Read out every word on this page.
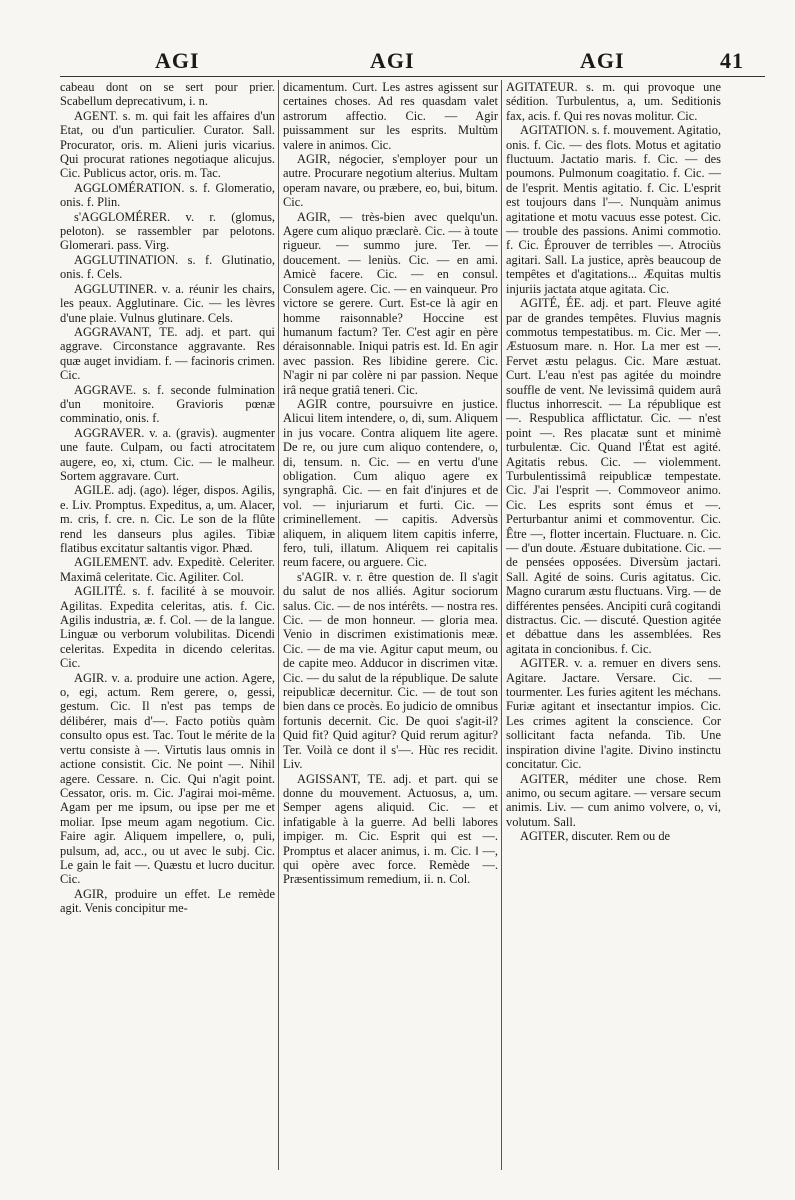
AGI	AGI	AGI	41

cabeau dont on se sert pour prier. Scabellum deprecativum, i. n.

AGENT. s. m. qui fait les affaires d'un Etat, ou d'un particulier. Curator. Sall. Procurator, oris. m. Alieni juris vicarius. Qui procurat rationes negotiaque alicujus. Cic. Publicus actor, oris. m. Tac.

AGGLOMÉRATION. s. f. Glomeratio, onis. f. Plin.

s'AGGLOMÉRER. v. r. (glomus, peloton). se rassembler par pelotons. Glomerari. pass. Virg.

AGGLUTINATION. s. f. Glutinatio, onis. f. Cels.

AGGLUTINER. v. a. réunir les chairs, les peaux. Agglutinare. Cic. — les lèvres d'une plaie. Vulnus glutinare. Cels.

AGGRAVANT, TE. adj. et part. qui aggrave. Circonstance aggravante. Res quæ auget invidiam. f. — facinoris crimen. Cic.

AGGRAVE. s. f. seconde fulmination d'un monitoire. Gravioris pœnæ comminatio, onis. f.

AGGRAVER. v. a. (gravis). augmenter une faute. Culpam, ou facti atrocitatem augere, eo, xi, ctum. Cic. — le malheur. Sortem aggravare. Curt.

AGILE. adj. (ago). léger, dispos. Agilis, e. Liv. Promptus. Expeditus, a, um. Alacer, m. cris, f. cre. n. Cic. Le son de la flûte rend les danseurs plus agiles. Tibiæ flatibus excitatur saltantis vigor. Phæd.

AGILEMENT. adv. Expeditè. Celeriter. Maximâ celeritate. Cic. Agiliter. Col.

AGILITÉ. s. f. facilité à se mouvoir. Agilitas. Expedita celeritas, atis. f. Cic. Agilis industria, æ. f. Col. — de la langue. Linguæ ou verborum volubilitas. Dicendi celeritas. Expedita in dicendo celeritas. Cic.

AGIR. v. a. produire une action. Agere, o, egi, actum. Rem gerere, o, gessi, gestum. Cic. Il n'est pas temps de délibérer, mais d'—. Facto potiùs quàm consulto opus est. Tac. Tout le mérite de la vertu consiste à —. Virtutis laus omnis in actione consistit. Cic. Ne point —. Nihil agere. Cessare. n. Cic. Qui n'agit point. Cessator, oris. m. Cic. J'agirai moi-même. Agam per me ipsum, ou ipse per me et moliar. Ipse meum agam negotium. Cic. Faire agir. Aliquem impellere, o, puli, pulsum, ad, acc., ou ut avec le subj. Cic. Le gain le fait —. Quæstu et lucro ducitur. Cic.

AGIR, produire un effet. Le remède agit. Venis concipitur me-

dicamentum. Curt. Les astres agissent sur certaines choses. Ad res quasdam valet astrorum affectio. Cic. — Agir puissamment sur les esprits. Multùm valere in animos. Cic.

AGIR, négocier, s'employer pour un autre. Procurare negotium alterius. Multam operam navare, ou præbere, eo, bui, bitum. Cic.

AGIR, — très-bien avec quelqu'un. Agere cum aliquo præclarè. Cic. — à toute rigueur. — summo jure. Ter. — doucement. — leniùs. Cic. — en ami. Amicè facere. Cic. — en consul. Consulem agere. Cic. — en vainqueur. Pro victore se gerere. Curt. Est-ce là agir en homme raisonnable? Hoccine est humanum factum? Ter. C'est agir en père déraisonnable. Iniqui patris est. Id. En agir avec passion. Res libidine gerere. Cic. N'agir ni par colère ni par passion. Neque irâ neque gratiâ teneri. Cic.

AGIR contre, poursuivre en justice. Alicui litem intendere, o, di, sum. Aliquem in jus vocare. Contra aliquem lite agere. De re, ou jure cum aliquo contendere, o, di, tensum. n. Cic. — en vertu d'une obligation. Cum aliquo agere ex syngraphâ. Cic. — en fait d'injures et de vol. — injuriarum et furti. Cic. — criminellement. — capitis. Adversùs aliquem, in aliquem litem capitis inferre, fero, tuli, illatum. Aliquem rei capitalis reum facere, ou arguere. Cic.

s'AGIR. v. r. être question de. Il s'agit du salut de nos alliés. Agitur sociorum salus. Cic. — de nos intérêts. — nostra res. Cic. — de mon honneur. — gloria mea. Venio in discrimen existimationis meæ. Cic. — de ma vie. Agitur caput meum, ou de capite meo. Adducor in discrimen vitæ. Cic. — du salut de la république. De salute reipublicæ decernitur. Cic. — de tout son bien dans ce procès. Eo judicio de omnibus fortunis decernit. Cic. De quoi s'agit-il? Quid fit? Quid agitur? Quid rerum agitur? Ter. Voilà ce dont il s'—. Hùc res recidit. Liv.

AGISSANT, TE. adj. et part. qui se donne du mouvement. Actuosus, a, um. Semper agens aliquid. Cic. — et infatigable à la guerre. Ad belli labores impiger. m. Cic. Esprit qui est —. Promptus et alacer animus, i. m. Cic. ‖ —, qui opère avec force. Remède —. Præsentissimum remedium, ii. n. Col.

AGITATEUR. s. m. qui provoque une sédition. Turbulentus, a, um. Seditionis fax, acis. f. Qui res novas molitur. Cic.

AGITATION. s. f. mouvement. Agitatio, onis. f. Cic. — des flots. Motus et agitatio fluctuum. Jactatio maris. f. Cic. — des poumons. Pulmonum coagitatio. f. Cic. — de l'esprit. Mentis agitatio. f. Cic. L'esprit est toujours dans l'—. Nunquàm animus agitatione et motu vacuus esse potest. Cic. — trouble des passions. Animi commotio. f. Cic. Éprouver de terribles —. Atrociùs agitari. Sall. La justice, après beaucoup de tempêtes et d'agitations... Æquitas multis injuriis jactata atque agitata. Cic.

AGITÉ, ÉE. adj. et part. Fleuve agité par de grandes tempêtes. Fluvius magnis commotus tempestatibus. m. Cic. Mer —. Æstuosum mare. n. Hor. La mer est —. Fervet æstu pelagus. Cic. Mare æstuat. Curt. L'eau n'est pas agitée du moindre souffle de vent. Ne levissimâ quidem aurâ fluctus inhorrescit. — La république est —. Respublica afflictatur. Cic. — n'est point —. Res placatæ sunt et minimè turbulentæ. Cic. Quand l'État est agité. Agitatis rebus. Cic. — violemment. Turbulentissimâ reipublicæ tempestate. Cic. J'ai l'esprit —. Commoveor animo. Cic. Les esprits sont émus et —. Perturbantur animi et commoventur. Cic. Être —, flotter incertain. Fluctuare. n. Cic. — d'un doute. Æstuare dubitatione. Cic. — de pensées opposées. Diversùm jactari. Sall. Agité de soins. Curis agitatus. Cic. Magno curarum æstu fluctuans. Virg. — de différentes pensées. Ancipiti curâ cogitandi distractus. Cic. — discuté. Question agitée et débattue dans les assemblées. Res agitata in concionibus. f. Cic.

AGITER. v. a. remuer en divers sens. Agitare. Jactare. Versare. Cic. — tourmenter. Les furies agitent les méchans. Furiæ agitant et insectantur impios. Cic. Les crimes agitent la conscience. Cor sollicitant facta nefanda. Tib. Une inspiration divine l'agite. Divino instinctu concitatur. Cic.

AGITER, méditer une chose. Rem animo, ou secum agitare. — versare secum animis. Liv. — cum animo volvere, o, vi, volutum. Sall.

AGITER, discuter. Rem ou de
